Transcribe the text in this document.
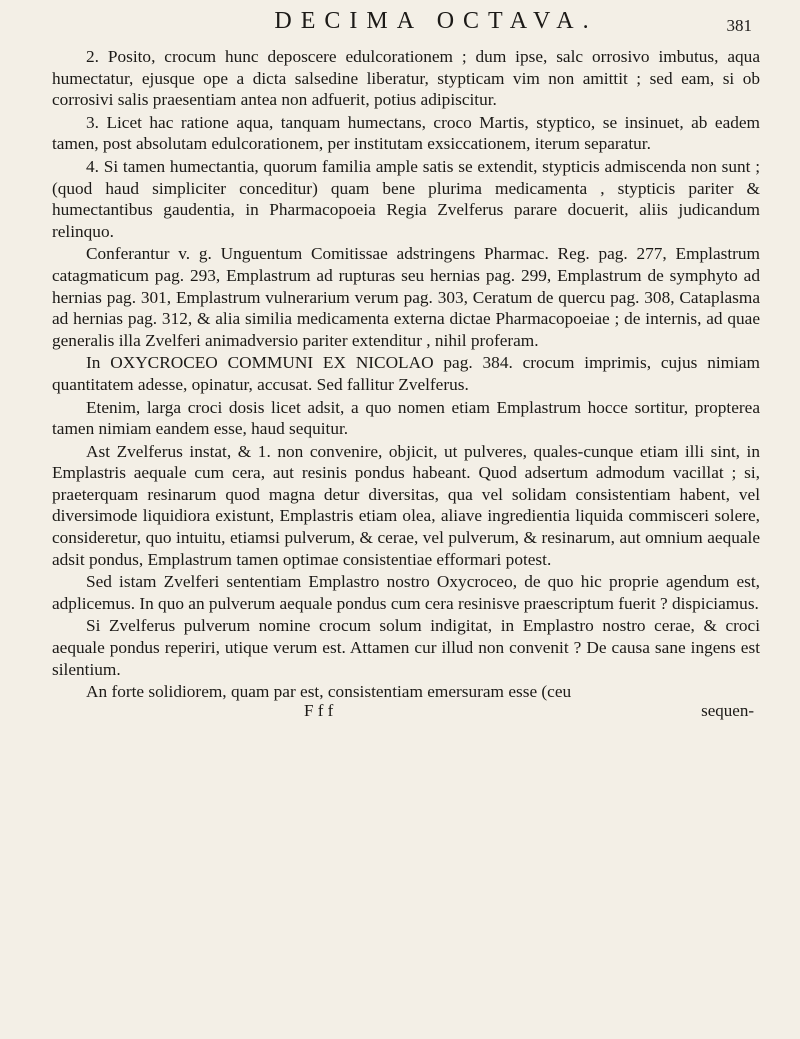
DECIMA OCTAVA.	381

2. Posito, crocum hunc deposcere edulcorationem ; dum ipse, salc orrosivo imbutus, aqua humectatur, ejusque ope a dicta salsedine liberatur, stypticam vim non amittit ; sed eam, si ob corrosivi salis praesentiam antea non adfuerit, potius adipiscitur.

3. Licet hac ratione aqua, tanquam humectans, croco Martis, styptico, se insinuet, ab eadem tamen, post absolutam edulcorationem, per institutam exsiccationem, iterum separatur.

4. Si tamen humectantia, quorum familia ample satis se extendit, stypticis admiscenda non sunt ; (quod haud simpliciter conceditur) quam bene plurima medicamenta , stypticis pariter & humectantibus gaudentia, in Pharmacopoeia Regia Zvelferus parare docuerit, aliis judicandum relinquo.

Conferantur v. g. Unguentum Comitissae adstringens Pharmac. Reg. pag. 277, Emplastrum catagmaticum pag. 293, Emplastrum ad rupturas seu hernias pag. 299, Emplastrum de symphyto ad hernias pag. 301, Emplastrum vulnerarium verum pag. 303, Ceratum de quercu pag. 308, Cataplasma ad hernias pag. 312, & alia similia medicamenta externa dictae Pharmacopoeiae ; de internis, ad quae generalis illa Zvelferi animadversio pariter extenditur , nihil proferam.

In OXYCROCEO COMMUNI EX NICOLAO pag. 384. crocum imprimis, cujus nimiam quantitatem adesse, opinatur, accusat. Sed fallitur Zvelferus.

Etenim, larga croci dosis licet adsit, a quo nomen etiam Emplastrum hocce sortitur, propterea tamen nimiam eandem esse, haud sequitur.

Ast Zvelferus instat, & 1. non convenire, objicit, ut pulveres, quales-cunque etiam illi sint, in Emplastris aequale cum cera, aut resinis pondus habeant. Quod adsertum admodum vacillat ; si, praeterquam resinarum quod magna detur diversitas, qua vel solidam consistentiam habent, vel diversimode liquidiora existunt, Emplastris etiam olea, aliave ingredientia liquida commisceri solere, consideretur, quo intuitu, etiamsi pulverum, & cerae, vel pulverum, & resinarum, aut omnium aequale adsit pondus, Emplastrum tamen optimae consistentiae efformari potest.

Sed istam Zvelferi sententiam Emplastro nostro Oxycroceo, de quo hic proprie agendum est, adplicemus. In quo an pulverum aequale pondus cum cera resinisve praescriptum fuerit ? dispiciamus.

Si Zvelferus pulverum nomine crocum solum indigitat, in Emplastro nostro cerae, & croci aequale pondus reperiri, utique verum est. Attamen cur illud non convenit ? De causa sane ingens est silentium.

An forte solidiorem, quam par est, consistentiam emersuram esse (ceu

F f f	sequen-
